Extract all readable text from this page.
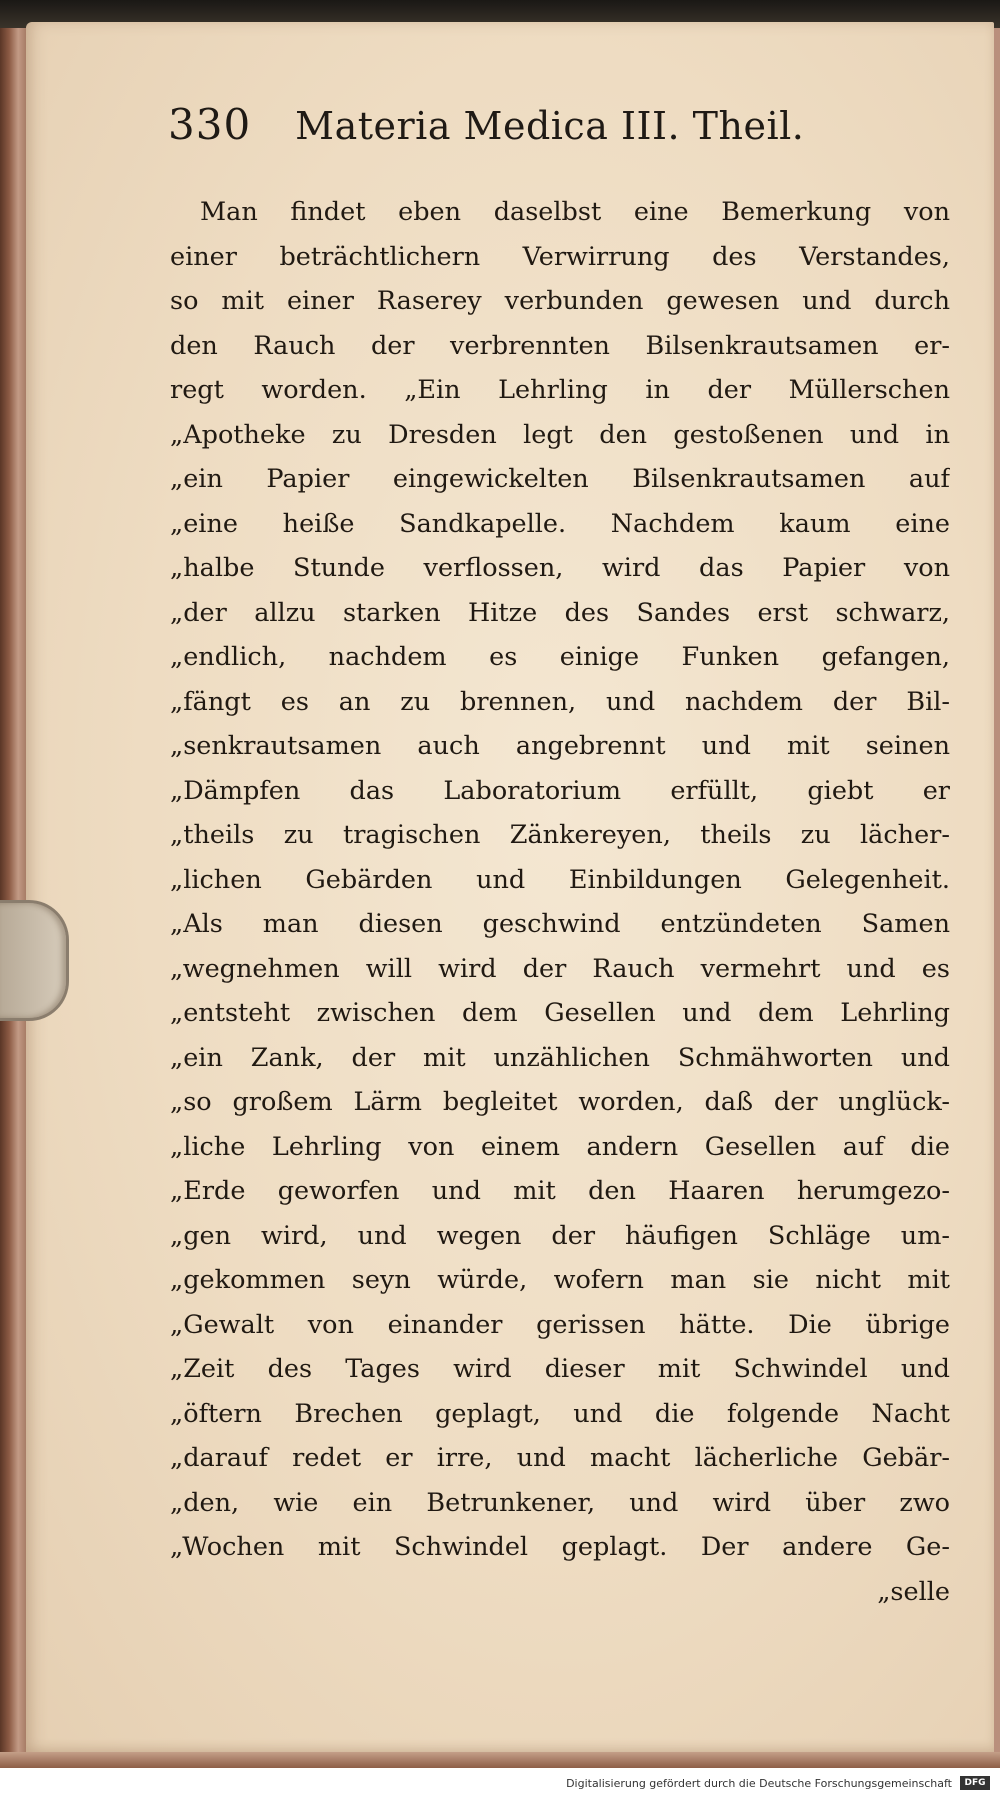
330 Materia Medica III. Theil.
Man findet eben daselbst eine Bemerkung von
einer beträchtlichern Verwirrung des Verstandes,
so mit einer Raserey verbunden gewesen und durch
den Rauch der verbrennten Bilsenkrautsamen er-
regt worden. „Ein Lehrling in der Müllerschen
„Apotheke zu Dresden legt den gestoßenen und in
„ein Papier eingewickelten Bilsenkrautsamen auf
„eine heiße Sandkapelle. Nachdem kaum eine
„halbe Stunde verflossen, wird das Papier von
„der allzu starken Hitze des Sandes erst schwarz,
„endlich, nachdem es einige Funken gefangen,
„fängt es an zu brennen, und nachdem der Bil-
„senkrautsamen auch angebrennt und mit seinen
„Dämpfen das Laboratorium erfüllt, giebt er
„theils zu tragischen Zänkereyen, theils zu lächer-
„lichen Gebärden und Einbildungen Gelegenheit.
„Als man diesen geschwind entzündeten Samen
„wegnehmen will wird der Rauch vermehrt und es
„entsteht zwischen dem Gesellen und dem Lehrling
„ein Zank, der mit unzählichen Schmähworten und
„so großem Lärm begleitet worden, daß der unglück-
„liche Lehrling von einem andern Gesellen auf die
„Erde geworfen und mit den Haaren herumgezo-
„gen wird, und wegen der häufigen Schläge um-
„gekommen seyn würde, wofern man sie nicht mit
„Gewalt von einander gerissen hätte. Die übrige
„Zeit des Tages wird dieser mit Schwindel und
„öftern Brechen geplagt, und die folgende Nacht
„darauf redet er irre, und macht lächerliche Gebär-
„den, wie ein Betrunkener, und wird über zwo
„Wochen mit Schwindel geplagt. Der andere Ge-
„selle
Digitalisierung gefördert durch die Deutsche Forschungsgemeinschaft	DFG
